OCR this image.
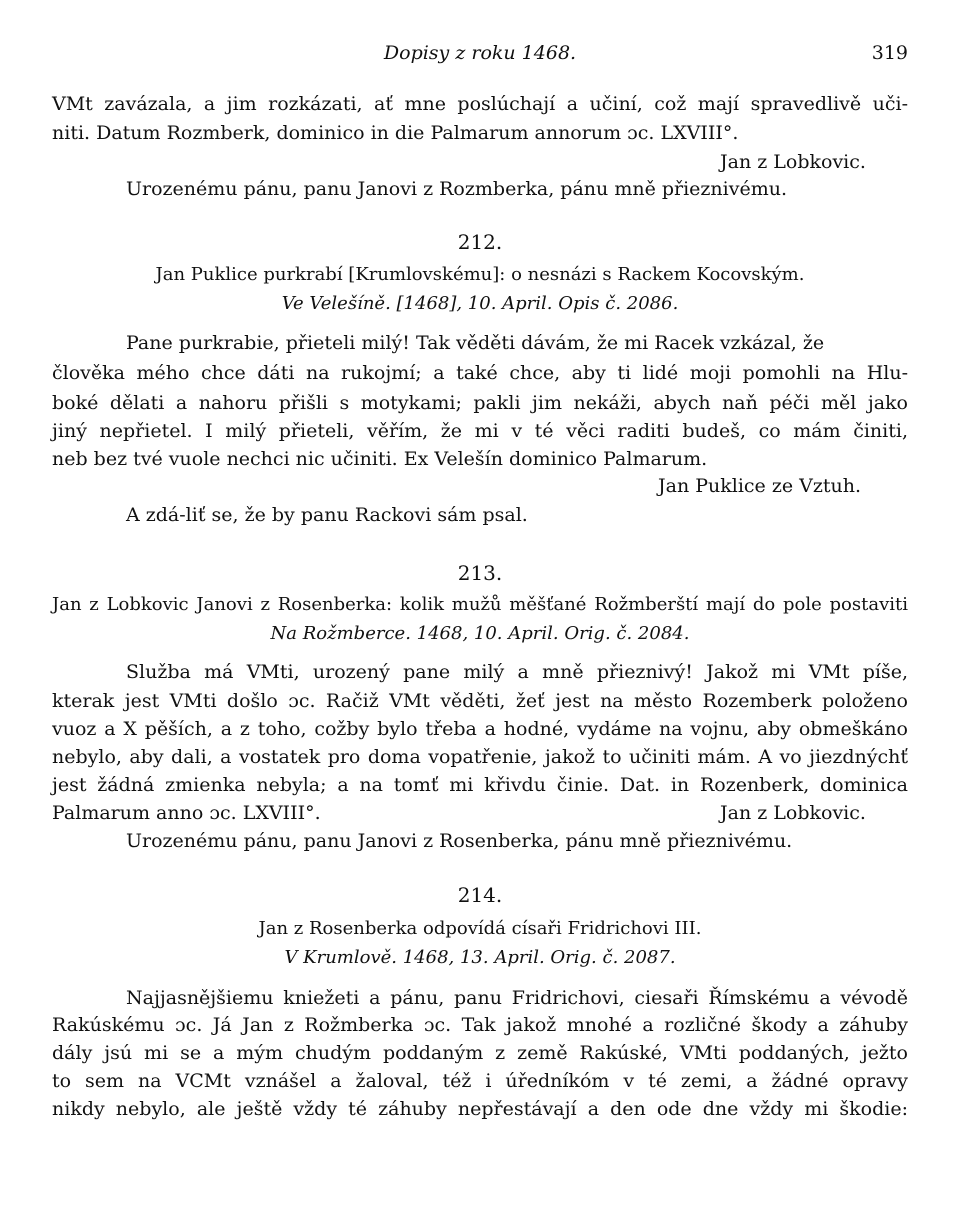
Dopisy z roku 1468.	319
VMt zavázala, a jim rozkázati, ať mne poslúchají a učiní, což mají spravedlivě uči-
niti. Datum Rozmberk, dominico in die Palmarum annorum ɔc. LXVIII°.
Jan z Lobkovic.
Urozenému pánu, panu Janovi z Rozmberka, pánu mně přieznivému.
212.
Jan Puklice purkrabí [Krumlovskému]: o nesnázi s Rackem Kocovským.
Ve Velešíně. [1468], 10. April. Opis č. 2086.
Pane purkrabie, přieteli milý! Tak věděti dávám, že mi Racek vzkázal, že
člověka mého chce dáti na rukojmí; a také chce, aby ti lidé moji pomohli na Hlu-
boké dělati a nahoru přišli s motykami; pakli jim nekáži, abych naň péči měl jako
jiný nepřietel. I milý přieteli, věřím, že mi v té věci raditi budeš, co mám činiti,
neb bez tvé vuole nechci nic učiniti. Ex Velešín dominico Palmarum.
Jan Puklice ze Vztuh.
A zdá-liť se, že by panu Rackovi sám psal.
213.
Jan z Lobkovic Janovi z Rosenberka: kolik mužů měšťané Rožmberští mají do pole postaviti
Na Rožmberce. 1468, 10. April. Orig. č. 2084.
Služba má VMti, urozený pane milý a mně přieznivý! Jakož mi VMt píše,
kterak jest VMti došlo ɔc. Račiž VMt věděti, žeť jest na město Rozemberk položeno
vuoz a X pěších, a z toho, cožby bylo třeba a hodné, vydáme na vojnu, aby obmeškáno
nebylo, aby dali, a vostatek pro doma vopatřenie, jakož to učiniti mám. A vo jiezdnýchť
jest žádná zmienka nebyla; a na tomť mi křivdu činie. Dat. in Rozenberk, dominica
Palmarum anno ɔc. LXVIII°.	Jan z Lobkovic.
Urozenému pánu, panu Janovi z Rosenberka, pánu mně přieznivému.
214.
Jan z Rosenberka odpovídá císaři Fridrichovi III.
V Krumlově. 1468, 13. April. Orig. č. 2087.
Najjasnějšiemu kniežeti a pánu, panu Fridrichovi, ciesaři Římskému a vévodě
Rakúskému ɔc. Já Jan z Rožmberka ɔc. Tak jakož mnohé a rozličné škody a záhuby
dály jsú mi se a mým chudým poddaným z země Rakúské, VMti poddaných, ježto
to sem na VCMt vznášel a žaloval, též i úředníkóm v té zemi, a žádné opravy
nikdy nebylo, ale ještě vždy té záhuby nepřestávají a den ode dne vždy mi škodie:
